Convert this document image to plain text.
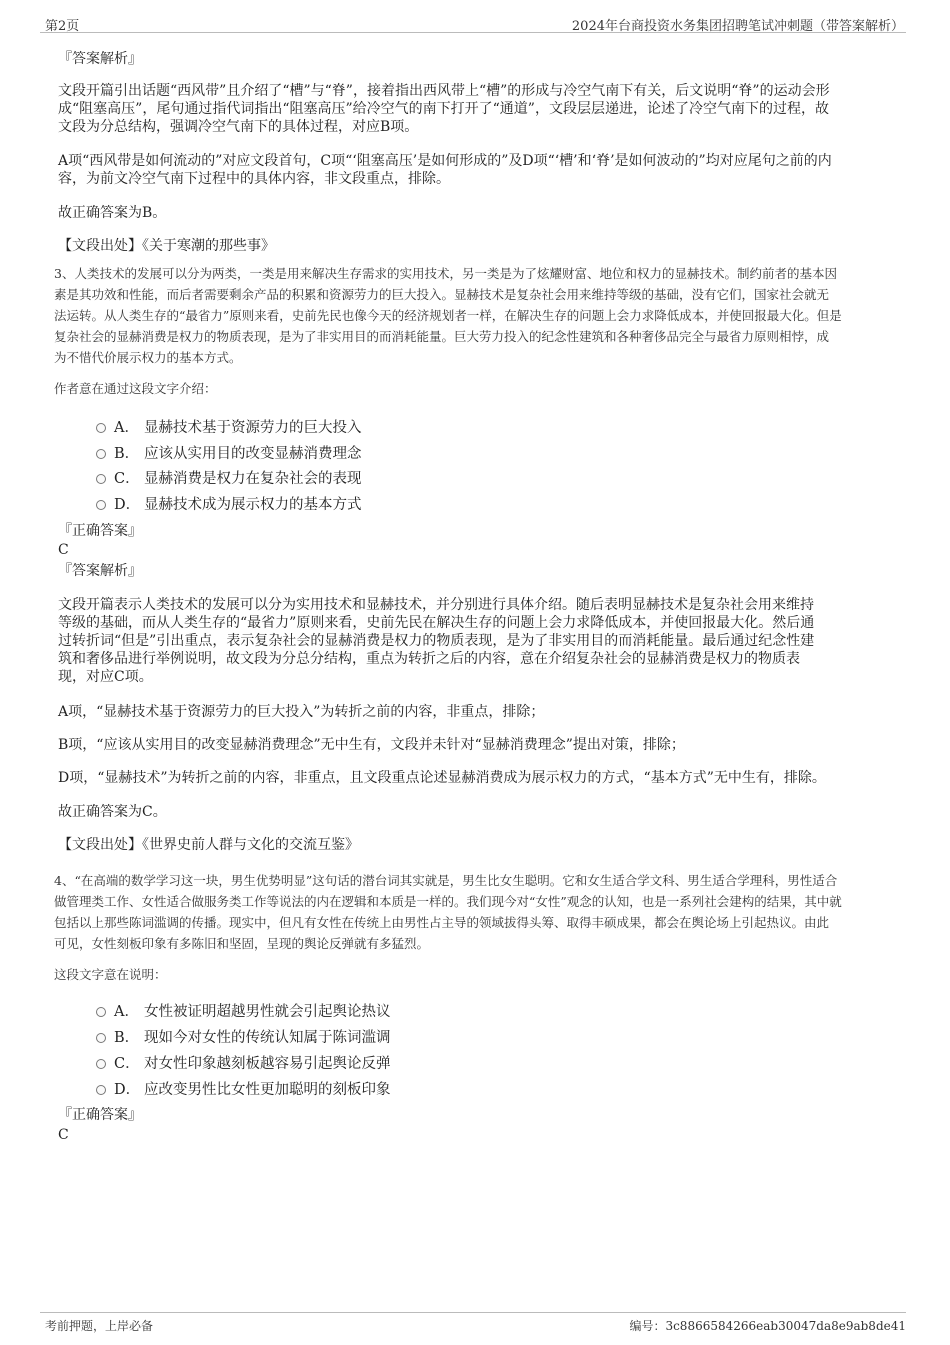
第2页	2024年台商投资水务集团招聘笔试冲刺题（带答案解析）
『答案解析』
文段开篇引出话题“西风带”且介绍了“槽”与“脊”，接着指出西风带上“槽”的形成与冷空气南下有关，后文说明“脊”的运动会形
成“阻塞高压”，尾句通过指代词指出“阻塞高压”给冷空气的南下打开了“通道”，文段层层递进，论述了冷空气南下的过程，故
文段为分总结构，强调冷空气南下的具体过程，对应B项。
A项“西风带是如何流动的”对应文段首句，C项“‘阻塞高压’是如何形成的”及D项“‘槽’和‘脊’是如何波动的”均对应尾句之前的内
容，为前文冷空气南下过程中的具体内容，非文段重点，排除。
故正确答案为B。
【文段出处】《关于寒潮的那些事》
3、人类技术的发展可以分为两类，一类是用来解决生存需求的实用技术，另一类是为了炫耀财富、地位和权力的显赫技术。制约前者的基本因
素是其功效和性能，而后者需要剩余产品的积累和资源劳力的巨大投入。显赫技术是复杂社会用来维持等级的基础，没有它们，国家社会就无
法运转。从人类生存的“最省力”原则来看，史前先民也像今天的经济规划者一样，在解决生存的问题上会力求降低成本，并使回报最大化。但是
复杂社会的显赫消费是权力的物质表现，是为了非实用目的而消耗能量。巨大劳力投入的纪念性建筑和各种奢侈品完全与最省力原则相悖，成
为不惜代价展示权力的基本方式。
作者意在通过这段文字介绍：
A． 显赫技术基于资源劳力的巨大投入
B． 应该从实用目的改变显赫消费理念
C． 显赫消费是权力在复杂社会的表现
D． 显赫技术成为展示权力的基本方式
『正确答案』
C
『答案解析』
文段开篇表示人类技术的发展可以分为实用技术和显赫技术，并分别进行具体介绍。随后表明显赫技术是复杂社会用来维持
等级的基础，而从人类生存的“最省力”原则来看，史前先民在解决生存的问题上会力求降低成本，并使回报最大化。然后通
过转折词“但是”引出重点，表示复杂社会的显赫消费是权力的物质表现，是为了非实用目的而消耗能量。最后通过纪念性建
筑和奢侈品进行举例说明，故文段为分总分结构，重点为转折之后的内容，意在介绍复杂社会的显赫消费是权力的物质表
现，对应C项。
A项，“显赫技术基于资源劳力的巨大投入”为转折之前的内容，非重点，排除；
B项，“应该从实用目的改变显赫消费理念”无中生有，文段并未针对“显赫消费理念”提出对策，排除；
D项，“显赫技术”为转折之前的内容，非重点，且文段重点论述显赫消费成为展示权力的方式，“基本方式”无中生有，排除。
故正确答案为C。
【文段出处】《世界史前人群与文化的交流互鉴》
4、“在高端的数学学习这一块，男生优势明显”这句话的潜台词其实就是，男生比女生聪明。它和女生适合学文科、男生适合学理科，男性适合
做管理类工作、女性适合做服务类工作等说法的内在逻辑和本质是一样的。我们现今对“女性”观念的认知，也是一系列社会建构的结果，其中就
包括以上那些陈词滥调的传播。现实中，但凡有女性在传统上由男性占主导的领域拔得头筹、取得丰硕成果，都会在舆论场上引起热议。由此
可见，女性刻板印象有多陈旧和坚固，呈现的舆论反弹就有多猛烈。
这段文字意在说明：
A． 女性被证明超越男性就会引起舆论热议
B． 现如今对女性的传统认知属于陈词滥调
C． 对女性印象越刻板越容易引起舆论反弹
D． 应改变男性比女性更加聪明的刻板印象
『正确答案』
C
考前押题，上岸必备	编号：3c8866584266eab30047da8e9ab8de41
